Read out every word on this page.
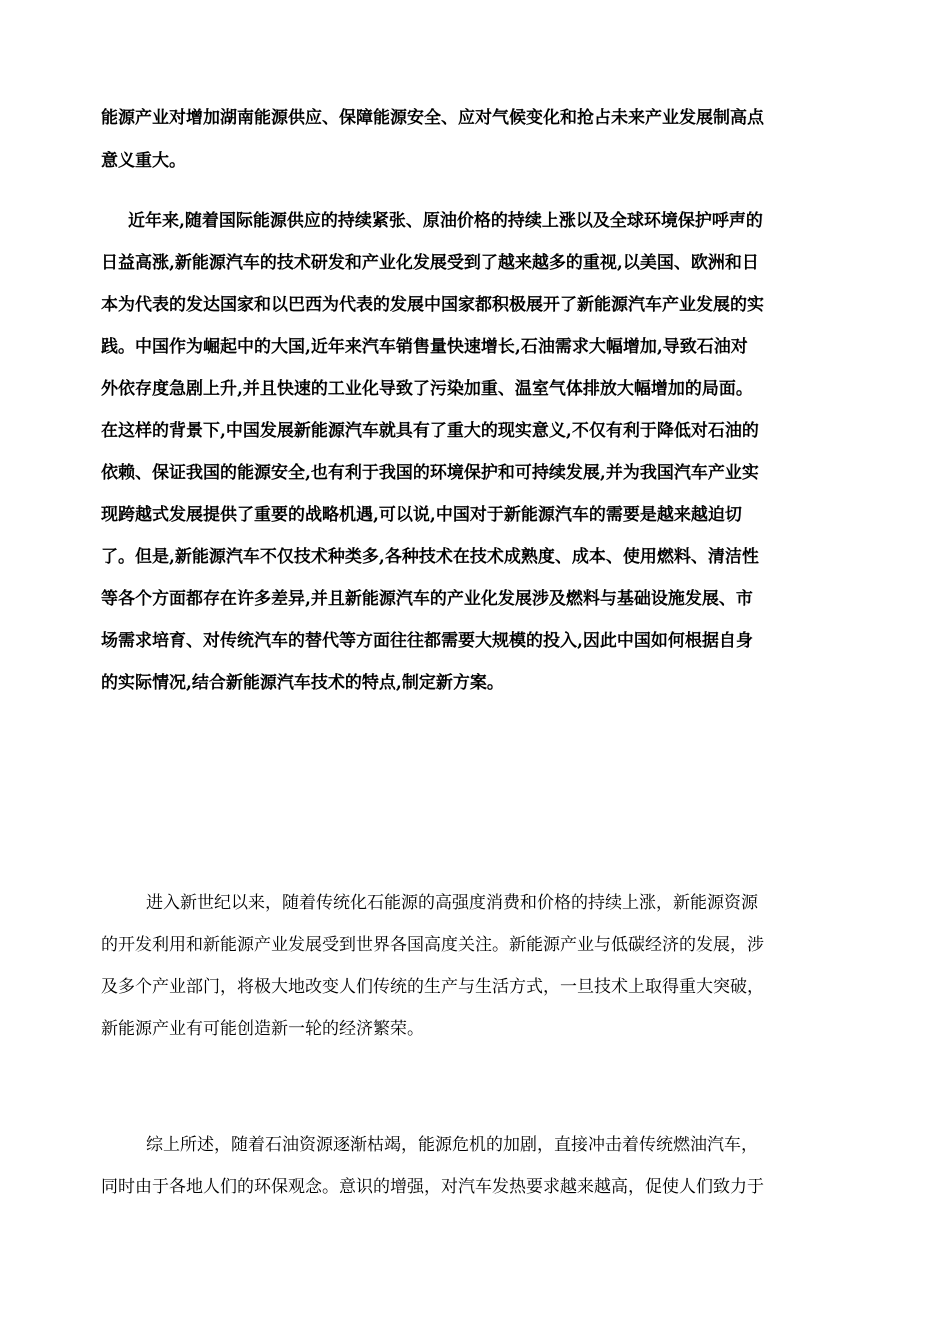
能源产业对增加湖南能源供应、保障能源安全、应对气候变化和抢占未来产业发展制高点
意义重大。
近年来,随着国际能源供应的持续紧张、原油价格的持续上涨以及全球环境保护呼声的
日益高涨,新能源汽车的技术研发和产业化发展受到了越来越多的重视,以美国、欧洲和日
本为代表的发达国家和以巴西为代表的发展中国家都积极展开了新能源汽车产业发展的实
践。中国作为崛起中的大国,近年来汽车销售量快速增长,石油需求大幅增加,导致石油对
外依存度急剧上升,并且快速的工业化导致了污染加重、温室气体排放大幅增加的局面。
在这样的背景下,中国发展新能源汽车就具有了重大的现实意义,不仅有利于降低对石油的
依赖、保证我国的能源安全,也有利于我国的环境保护和可持续发展,并为我国汽车产业实
现跨越式发展提供了重要的战略机遇,可以说,中国对于新能源汽车的需要是越来越迫切
了。但是,新能源汽车不仅技术种类多,各种技术在技术成熟度、成本、使用燃料、清洁性
等各个方面都存在许多差异,并且新能源汽车的产业化发展涉及燃料与基础设施发展、市
场需求培育、对传统汽车的替代等方面往往都需要大规模的投入,因此中国如何根据自身
的实际情况,结合新能源汽车技术的特点,制定新方案。
进入新世纪以来，随着传统化石能源的高强度消费和价格的持续上涨，新能源资源
的开发利用和新能源产业发展受到世界各国高度关注。新能源产业与低碳经济的发展，涉
及多个产业部门，将极大地改变人们传统的生产与生活方式，一旦技术上取得重大突破，
新能源产业有可能创造新一轮的经济繁荣。
综上所述，随着石油资源逐渐枯竭，能源危机的加剧，直接冲击着传统燃油汽车，
同时由于各地人们的环保观念。意识的增强，对汽车发热要求越来越高，促使人们致力于
